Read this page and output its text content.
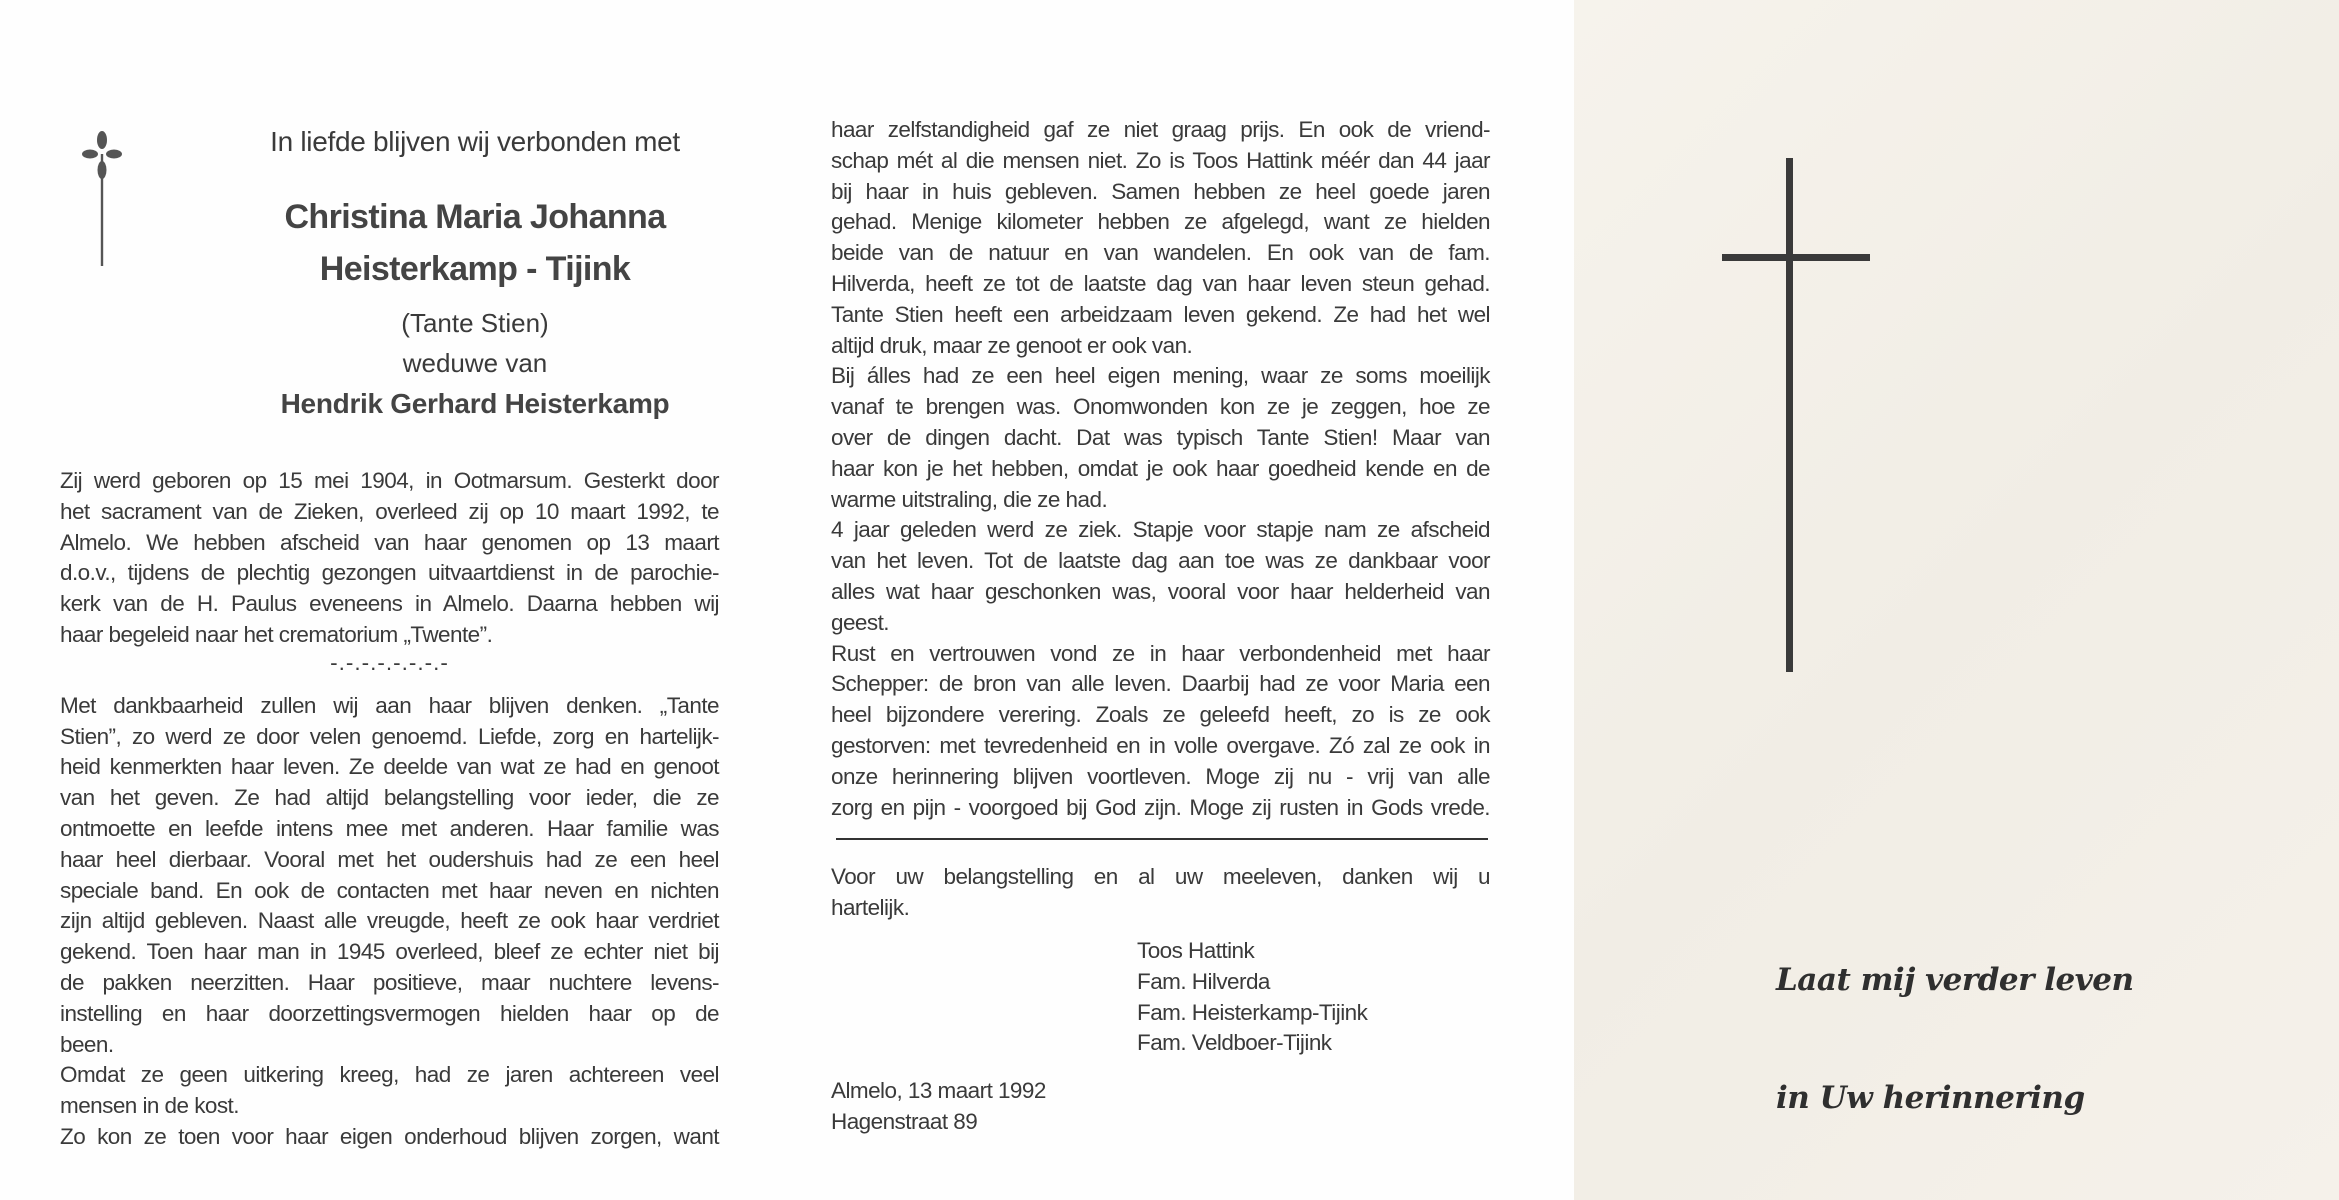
In liefde blijven wij verbonden met
Christina Maria Johanna
Heisterkamp - Tijink
(Tante Stien)
weduwe van
Hendrik Gerhard Heisterkamp
Zij werd geboren op 15 mei 1904, in Ootmarsum. Gesterkt door
het sacrament van de Zieken, overleed zij op 10 maart 1992, te
Almelo. We hebben afscheid van haar genomen op 13 maart
d.o.v., tijdens de plechtig gezongen uitvaartdienst in de parochie-
kerk van de H. Paulus eveneens in Almelo. Daarna hebben wij
haar begeleid naar het crematorium „Twente”.
-.-.-.-.-.-.-.-
Met dankbaarheid zullen wij aan haar blijven denken. „Tante
Stien”, zo werd ze door velen genoemd. Liefde, zorg en hartelijk-
heid kenmerkten haar leven. Ze deelde van wat ze had en genoot
van het geven. Ze had altijd belangstelling voor ieder, die ze
ontmoette en leefde intens mee met anderen. Haar familie was
haar heel dierbaar. Vooral met het oudershuis had ze een heel
speciale band. En ook de contacten met haar neven en nichten
zijn altijd gebleven. Naast alle vreugde, heeft ze ook haar verdriet
gekend. Toen haar man in 1945 overleed, bleef ze echter niet bij
de pakken neerzitten. Haar positieve, maar nuchtere levens-
instelling en haar doorzettingsvermogen hielden haar op de
been.
Omdat ze geen uitkering kreeg, had ze jaren achtereen veel
mensen in de kost.
Zo kon ze toen voor haar eigen onderhoud blijven zorgen, want
haar zelfstandigheid gaf ze niet graag prijs. En ook de vriend-
schap mét al die mensen niet. Zo is Toos Hattink méér dan 44 jaar
bij haar in huis gebleven. Samen hebben ze heel goede jaren
gehad. Menige kilometer hebben ze afgelegd, want ze hielden
beide van de natuur en van wandelen. En ook van de fam.
Hilverda, heeft ze tot de laatste dag van haar leven steun gehad.
Tante Stien heeft een arbeidzaam leven gekend. Ze had het wel
altijd druk, maar ze genoot er ook van.
Bij álles had ze een heel eigen mening, waar ze soms moeilijk
vanaf te brengen was. Onomwonden kon ze je zeggen, hoe ze
over de dingen dacht. Dat was typisch Tante Stien! Maar van
haar kon je het hebben, omdat je ook haar goedheid kende en de
warme uitstraling, die ze had.
4 jaar geleden werd ze ziek. Stapje voor stapje nam ze afscheid
van het leven. Tot de laatste dag aan toe was ze dankbaar voor
alles wat haar geschonken was, vooral voor haar helderheid van
geest.
Rust en vertrouwen vond ze in haar verbondenheid met haar
Schepper: de bron van alle leven. Daarbij had ze voor Maria een
heel bijzondere verering. Zoals ze geleefd heeft, zo is ze ook
gestorven: met tevredenheid en in volle overgave. Zó zal ze ook in
onze herinnering blijven voortleven. Moge zij nu - vrij van alle
zorg en pijn - voorgoed bij God zijn. Moge zij rusten in Gods vrede.
Voor uw belangstelling en al uw meeleven, danken wij u
hartelijk.
Toos Hattink
Fam. Hilverda
Fam. Heisterkamp-Tijink
Fam. Veldboer-Tijink
Almelo, 13 maart 1992
Hagenstraat 89
Laat mij verder leven
in Uw herinnering
